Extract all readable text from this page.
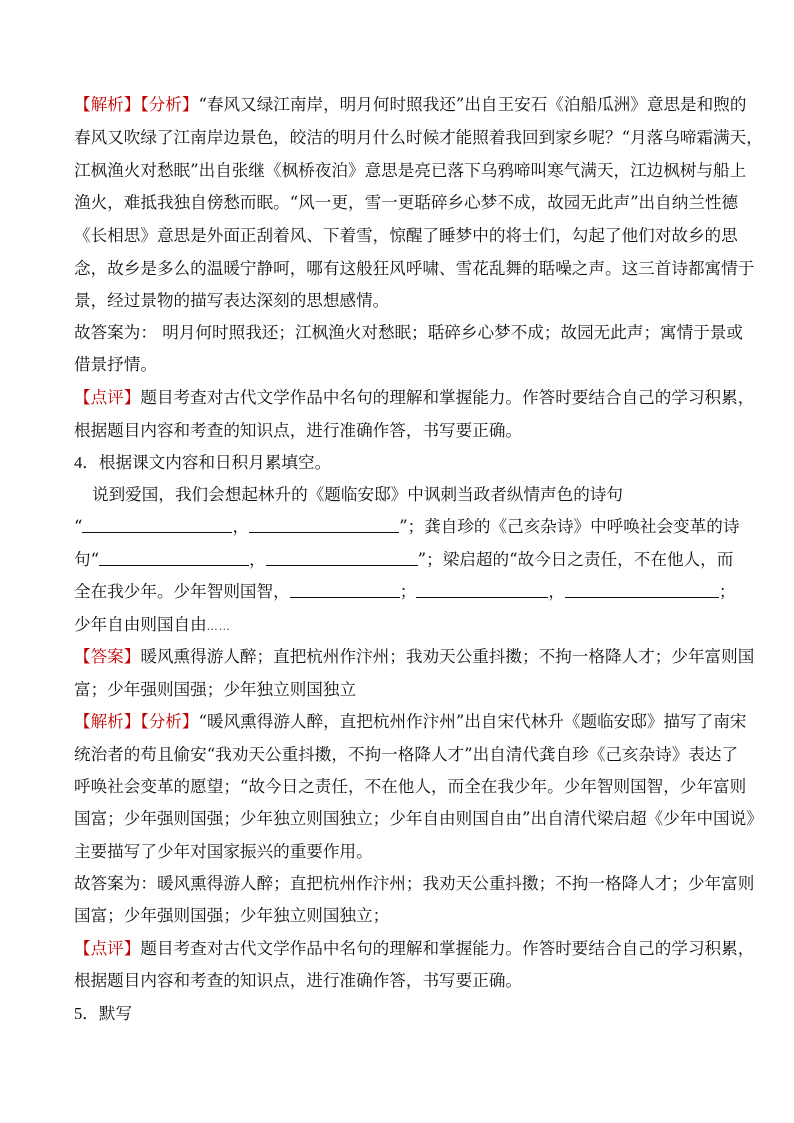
【解析】【分析】“春风又绿江南岸，明月何时照我还”出自王安石《泊船瓜洲》意思是和煦的
春风又吹绿了江南岸边景色，皎洁的明月什么时候才能照着我回到家乡呢？“月落乌啼霜满天，
江枫渔火对愁眠”出自张继《枫桥夜泊》意思是亮已落下乌鸦啼叫寒气满天，江边枫树与船上
渔火，难抵我独自傍愁而眠。“风一更，雪一更聒碎乡心梦不成，故园无此声”出自纳兰性德
《长相思》意思是外面正刮着风、下着雪，惊醒了睡梦中的将士们，勾起了他们对故乡的思
念，故乡是多么的温暖宁静呵，哪有这般狂风呼啸、雪花乱舞的聒噪之声。这三首诗都寓情于
景，经过景物的描写表达深刻的思想感情。
故答案为： 明月何时照我还；江枫渔火对愁眠；聒碎乡心梦不成；故园无此声；寓情于景或
借景抒情。
【点评】题目考查对古代文学作品中名句的理解和掌握能力。作答时要结合自己的学习积累，
根据题目内容和考查的知识点，进行准确作答，书写要正确。
4．根据课文内容和日积月累填空。
说到爱国，我们会想起林升的《题临安邸》中讽刺当政者纵情声色的诗句
“	，	”；龚自珍的《己亥杂诗》中呼唤社会变革的诗
句“	，	”；梁启超的“故今日之责任，不在他人，而
全在我少年。少年智则国智，	；	，	；
少年自由则国自由……
【答案】暖风熏得游人醉；直把杭州作汴州；我劝天公重抖擞；不拘一格降人才；少年富则国
富；少年强则国强；少年独立则国独立
【解析】【分析】“暖风熏得游人醉，直把杭州作汴州”出自宋代林升《题临安邸》描写了南宋
统治者的苟且偷安“我劝天公重抖擞，不拘一格降人才”出自清代龚自珍《己亥杂诗》表达了
呼唤社会变革的愿望；“故今日之责任，不在他人，而全在我少年。少年智则国智，少年富则
国富；少年强则国强；少年独立则国独立；少年自由则国自由”出自清代梁启超《少年中国说》
主要描写了少年对国家振兴的重要作用。
故答案为：暖风熏得游人醉；直把杭州作汴州；我劝天公重抖擞；不拘一格降人才；少年富则
国富；少年强则国强；少年独立则国独立；
【点评】题目考查对古代文学作品中名句的理解和掌握能力。作答时要结合自己的学习积累，
根据题目内容和考查的知识点，进行准确作答，书写要正确。
5．默写
